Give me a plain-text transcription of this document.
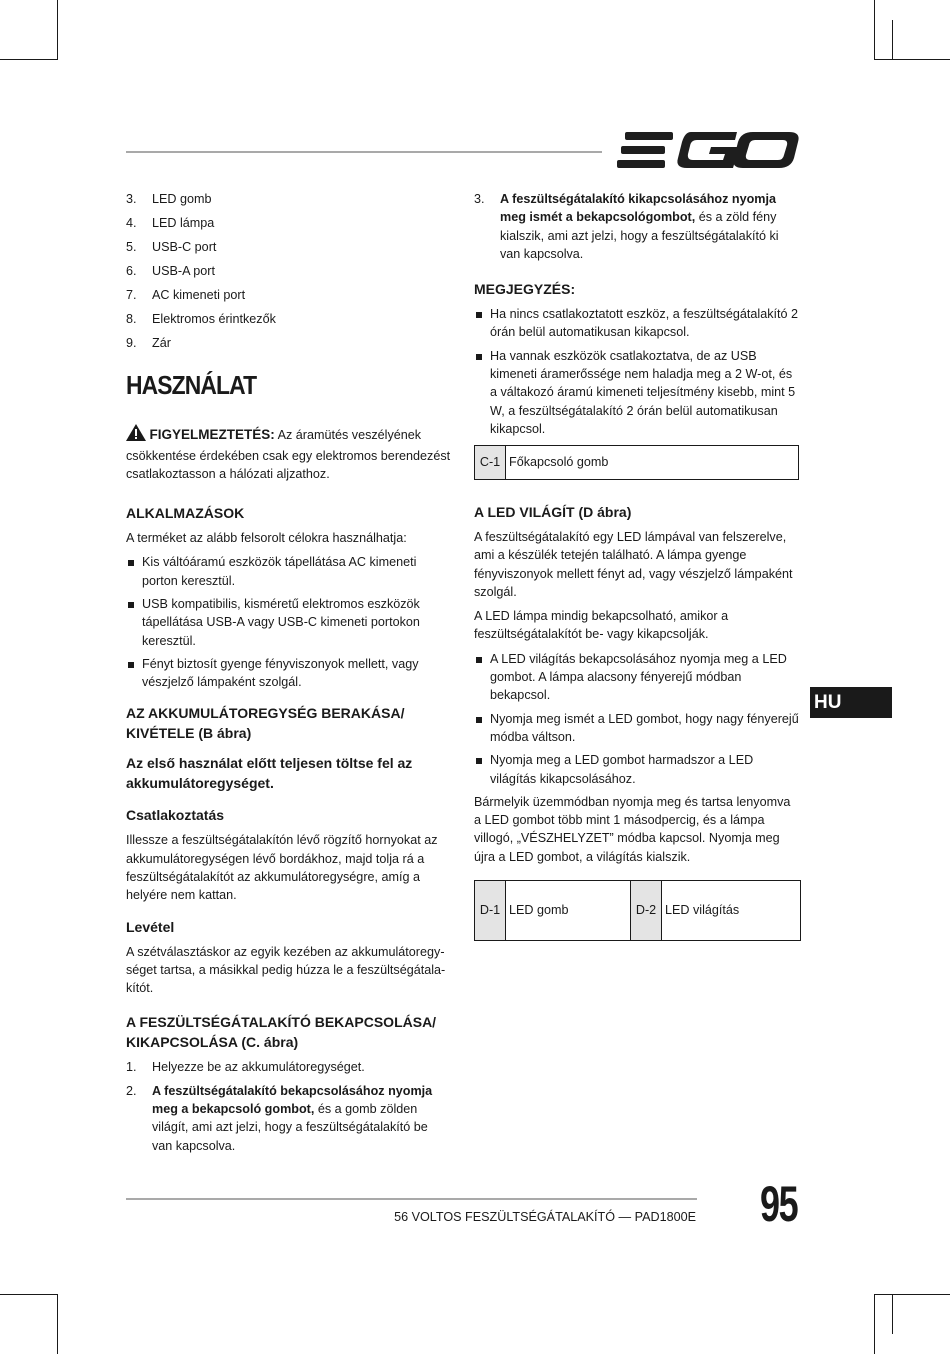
3. LED gomb
4. LED lámpa
5. USB-C port
6. USB-A port
7. AC kimeneti port
8. Elektromos érintkezők
9. Zár
HASZNÁLAT

FIGYELMEZTETÉS: Az áramütés veszélyének csökkentése érdekében csak egy elektromos berendezést csatlakoztasson a hálózati aljzathoz.

ALKALMAZÁSOK

A terméket az alább felsorolt célokra használhatja:

Kis váltóáramú eszközök tápellátása AC kimeneti porton keresztül.
USB kompatibilis, kisméretű elektromos eszközök tápellátása USB-A vagy USB-C kimeneti portokon keresztül.
Fényt biztosít gyenge fényviszonyok mellett, vagy vészjelző lámpaként szolgál.
AZ AKKUMULÁTOREGYSÉG BERAKÁSA/ KIVÉTELE (B ábra)
Az első használat előtt teljesen töltse fel az akkumulátoregységet.
Csatlakoztatás

Illessze a feszültségátalakítón lévő rögzítő hornyokat az akkumulátoregységen lévő bordákhoz, majd tolja rá a feszültségátalakítót az akkumulátoregységre, amíg a helyére nem kattan.

Levétel

A szétválasztáskor az egyik kezében az akkumulátoregységet tartsa, a másikkal pedig húzza le a feszültségátalakítót.

A FESZÜLTSÉGÁTALAKÍTÓ BEKAPCSOLÁSA/ KIKAPCSOLÁSA (C. ábra)
1. Helyezze be az akkumulátoregységet.
2. A feszültségátalakító bekapcsolásához nyomja meg a bekapcsoló gombot, és a gomb zölden világít, ami azt jelzi, hogy a feszültségátalakító be van kapcsolva.
3. A feszültségátalakító kikapcsolásához nyomja meg ismét a bekapcsológombot, és a zöld fény kialszik, ami azt jelzi, hogy a feszültségátalakító ki van kapcsolva.
MEGJEGYZÉS:
Ha nincs csatlakoztatott eszköz, a feszültségátalakító 2 órán belül automatikusan kikapcsol.
Ha vannak eszközök csatlakoztatva, de az USB kimeneti áramerőssége nem haladja meg a 2 W-ot, és a váltakozó áramú kimeneti teljesítmény kisebb, mint 5 W, a feszültségátalakító 2 órán belül automatikusan kikapcsol.
C-1	Főkapcsoló gomb
A LED VILÁGÍT (D ábra)

A feszültségátalakító egy LED lámpával van felszerelve, ami a készülék tetején található. A lámpa gyenge fényviszonyok mellett fényt ad, vagy vészjelző lámpaként szolgál.

A LED lámpa mindig bekapcsolható, amikor a feszültségátalakítót be- vagy kikapcsolják.

A LED világítás bekapcsolásához nyomja meg a LED gombot. A lámpa alacsony fényerejű módban bekapcsol.
Nyomja meg ismét a LED gombot, hogy nagy fényerejű módba váltson.
Nyomja meg a LED gombot harmadszor a LED világítás kikapcsolásához.

Bármelyik üzemmódban nyomja meg és tartsa lenyomva a LED gombot több mint 1 másodpercig, és a lámpa villogó, „VÉSZHELYZET” módba kapcsol. Nyomja meg újra a LED gombot, a világítás kialszik.

D-1	LED gomb	D-2	LED világítás
HU
56 VOLTOS FESZÜLTSÉGÁTALAKÍTÓ — PAD1800E 95
